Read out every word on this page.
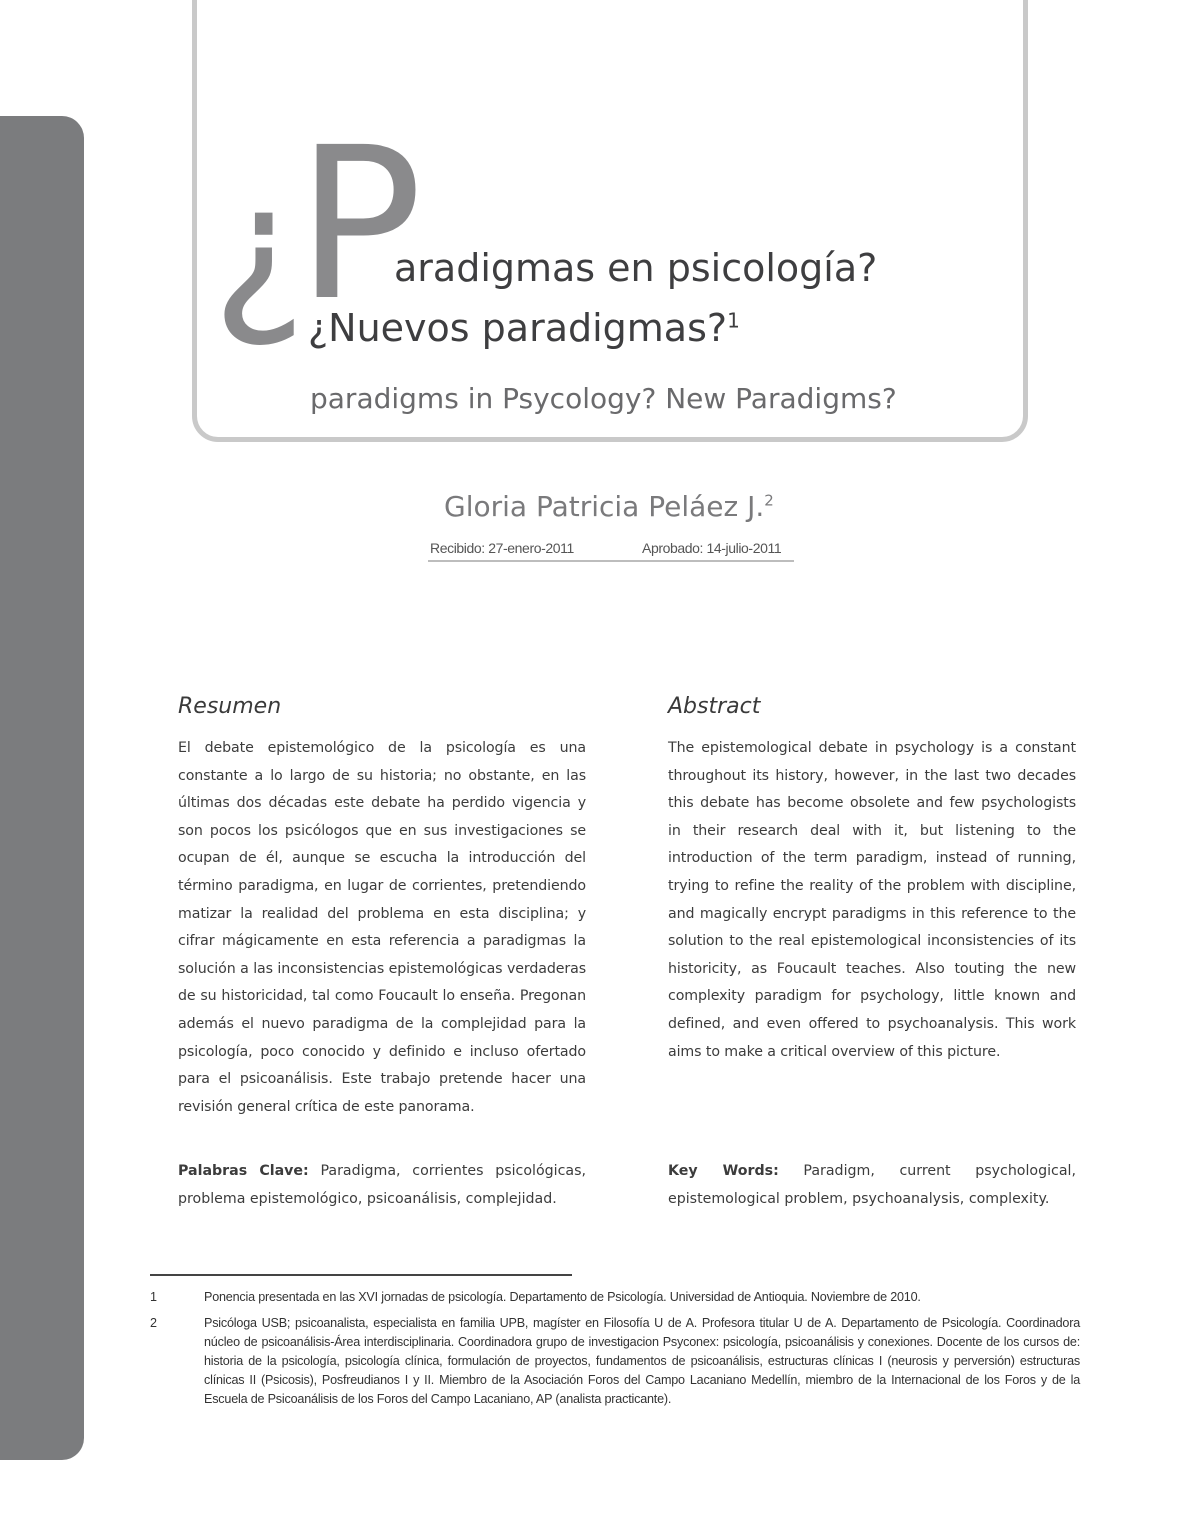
¿
P
aradigmas en psicología?
¿Nuevos paradigmas?$^1$
paradigms in Psycology? New Paradigms?
Gloria Patricia Peláez J.$^2$
Recibido: 27-enero-2011	Aprobado: 14-julio-2011
Resumen

El debate epistemológico de la psicología es una constante a lo largo de su historia; no obstante, en las últimas dos décadas este debate ha perdido vigencia y son pocos los psicólogos que en sus investigaciones se ocupan de él, aunque se escucha la introducción del término paradigma, en lugar de corrientes, pretendiendo matizar la realidad del problema en esta disciplina; y cifrar mágicamente en esta referencia a paradigmas la solución a las inconsistencias epistemológicas verdaderas de su historicidad, tal como Foucault lo enseña. Pregonan además el nuevo paradigma de la complejidad para la psicología, poco conocido y definido e incluso ofertado para el psicoanálisis. Este trabajo pretende hacer una revisión general crítica de este panorama.

Abstract

The epistemological debate in psychology is a constant throughout its history, however, in the last two decades this debate has become obsolete and few psychologists in their research deal with it, but listening to the introduction of the term paradigm, instead of running, trying to refine the reality of the problem with discipline, and magically encrypt paradigms in this reference to the solution to the real epistemological inconsistencies of its historicity, as Foucault teaches. Also touting the new complexity paradigm for psychology, little known and defined, and even offered to psychoanalysis. This work aims to make a critical overview of this picture.

Palabras Clave: Paradigma, corrientes psicológicas, problema epistemológico, psicoanálisis, complejidad.

Key Words: Paradigm, current psychological, epistemological problem, psychoanalysis, complexity.

1	Ponencia presentada en las XVI jornadas de psicología. Departamento de Psicología. Universidad de Antioquia. Noviembre de 2010.
2	Psicóloga USB; psicoanalista, especialista en familia UPB, magíster en Filosofía U de A. Profesora titular U de A. Departamento de Psicología. Coordinadora núcleo de psicoanálisis-Área interdisciplinaria. Coordinadora grupo de investigacion Psyconex: psicología, psicoanálisis y conexiones. Docente de los cursos de: historia de la psicología, psicología clínica, formulación de proyectos, fundamentos de psicoanálisis, estructuras clínicas I (neurosis y perversión) estructuras clínicas II (Psicosis), Posfreudianos I y II. Miembro de la Asociación Foros del Campo Lacaniano Medellín, miembro de la Internacional de los Foros y de la Escuela de Psicoanálisis de los Foros del Campo Lacaniano, AP (analista practicante).
